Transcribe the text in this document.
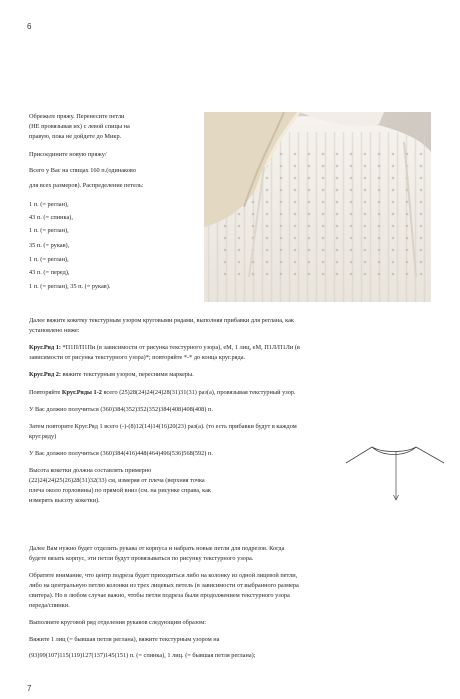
6
Обрежьте пряжу. Перенесите петли
(НЕ провязывая их) с левой спицы на
правую, пока не дойдете до Микр.
Присоедините новую пряжу/
Всего у Вас на спицах 160 п.(одинаково
для всех размеров). Распределение петель:
1 п. (= реглан),
43 п. (= спинка),
1 п. (= реглан),
35 п. (= рукав),
1 п. (= реглан),
43 п. (= перед),
1 п. (= реглан), 35 п. (= рукав).
Далее вяжите кокетку текстурным узором круговыми рядами, выполняя прибавки для реглана, как
установлено ниже:
Круг.Ряд 1: *П1П/П1Пи (в зависимости от рисунка текстурного узора), еМ, 1 лиц, еМ, П1Л/П1Ли (в
зависимости от рисунка текстурного узора)*; повторяйте *-* до конца круг.ряда.
Круг.Ряд 2: вяжите текстурным узором, пересними маркеры.
Повторяйте Круг.Ряды 1-2 всего (25)28(24)24(24)28(31)31(31) раз(а), провязывая текстурный узор.
У Вас должно получиться (360)384(352)352(352)384(408)408(408) п.
Затем повторите Круг.Ряд 1 всего (-)-(8)12(14)14(16)20(23) раз(а). (то есть прибавки будут в каждом
круг.ряду)
У Вас должно получиться (360)384(416)448(464)496(536)568(592) п.
Высота кокетки должна составлять примерно
(22)24(24)25(26)28(31)32(33) см, измеряя от плеча (верхняя точка
плеча около горловины) по прямой вниз (см. на рисунке справа, как
измерять высоту кокетки).
Далее Вам нужно будет отделить рукава от корпуса и набрать новые петли для подрезов. Когда
будете вязать корпус, эти петли будут провязываться по рисунку текстурного узора.
Обратите внимание, что центр подреза будет приходиться либо на колонку из одной лицевой петли,
либо на центральную петлю колонки из трех лицевых петель (в зависимости от выбранного размера
свитера). Но в любом случае важно, чтобы петли подреза были продолжением текстурного узора
переда/спинки.
Выполните круговой ряд отделения рукавов следующим образом:
Вяжите 1 лиц (= бывшая петля реглана), вяжите текстурным узором на
(93)99(107)115(119)127(137)145(151) п. (= спинка), 1 лиц. (= бывшая петля реглана);
7
